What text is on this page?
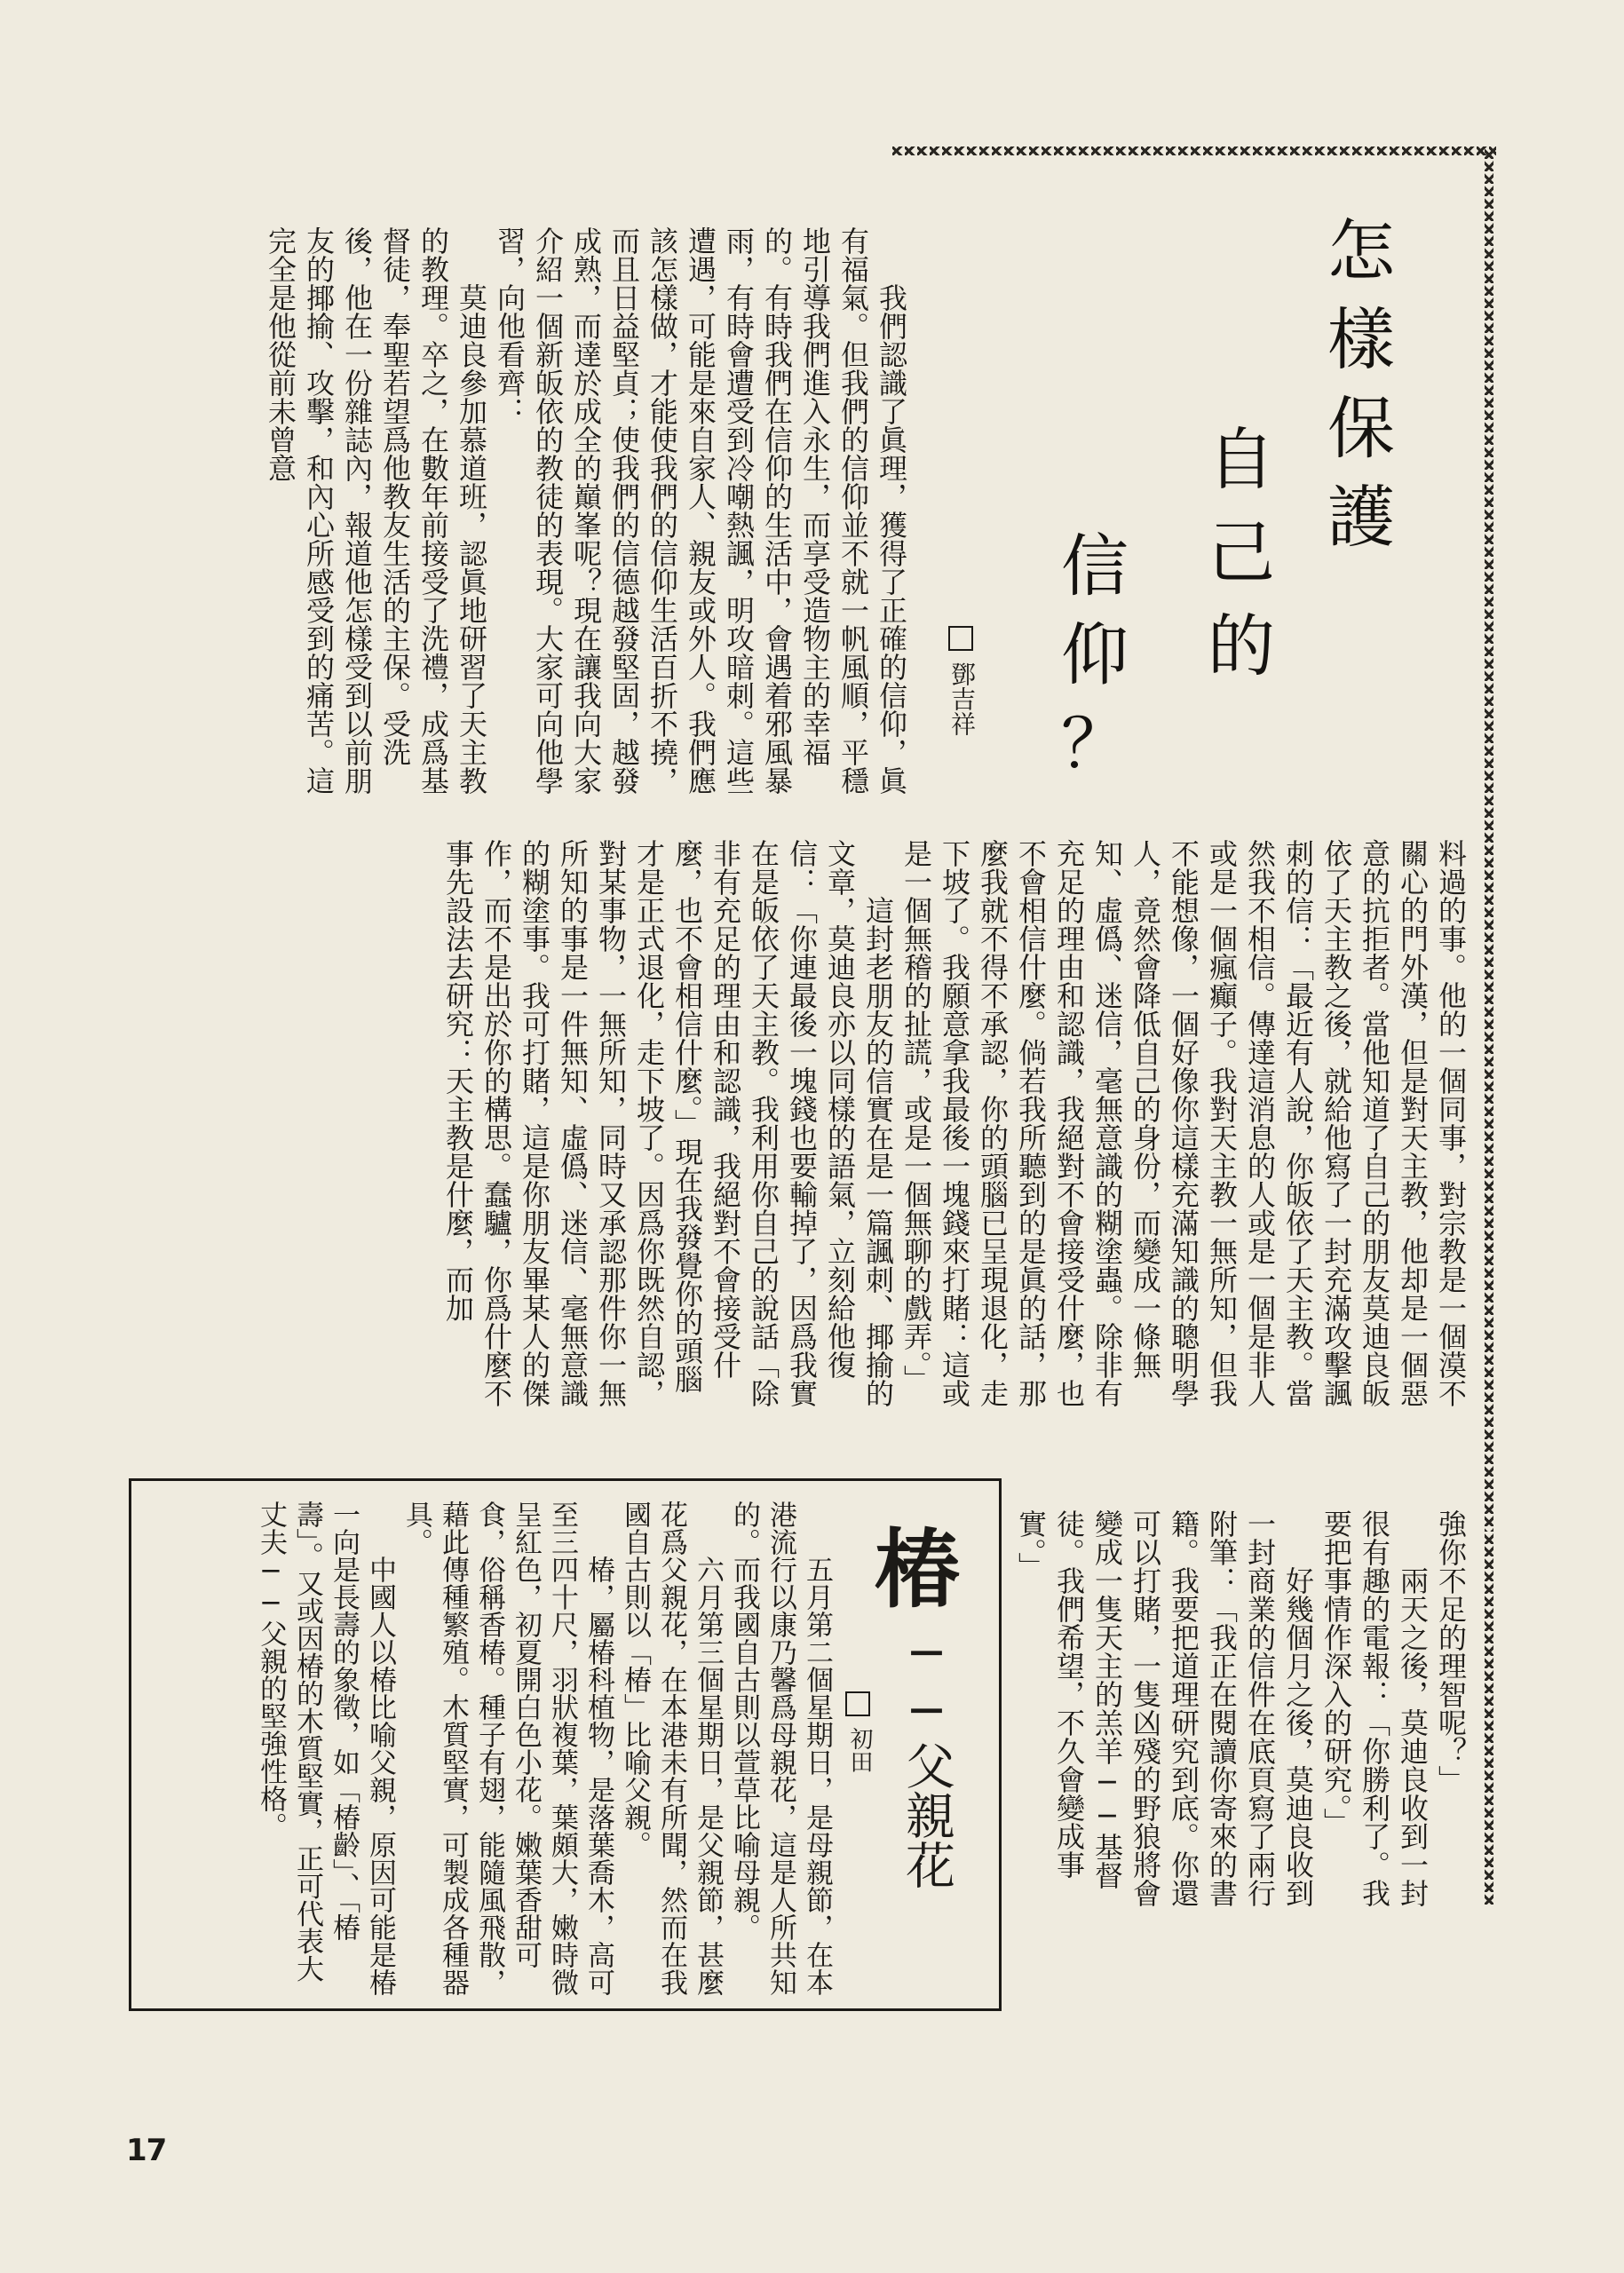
怎
樣
保
護
自
己
的
信
仰
？
鄧吉祥

我們認識了眞理，獲得了正確的信仰，眞有福氣。但我們的信仰並不就一帆風順，平穩地引導我們進入永生，而享受造物主的幸福的。有時我們在信仰的生活中，會遇着邪風暴雨，有時會遭受到冷嘲熱諷，明攻暗刺。這些遭遇，可能是來自家人、親友或外人。我們應該怎樣做，才能使我們的信仰生活百折不撓，而且日益堅貞；使我們的信德越發堅固，越發成熟，而達於成全的巔峯呢？現在讓我向大家介紹一個新皈依的教徒的表現。大家可向他學習，向他看齊：

莫迪良參加慕道班，認眞地研習了天主教的教理。卒之，在數年前接受了洗禮，成爲基督徒，奉聖若望爲他教友生活的主保。受洗後，他在一份雜誌內，報道他怎樣受到以前朋友的揶揄、攻擊，和內心所感受到的痛苦。這完全是他從前未曾意

料過的事。他的一個同事，對宗教是一個漠不關心的門外漢，但是對天主教，他却是一個惡意的抗拒者。當他知道了自己的朋友莫迪良皈依了天主教之後，就給他寫了一封充滿攻擊諷刺的信：「最近有人說，你皈依了天主教。當然我不相信。傳達這消息的人或是一個是非人或是一個瘋癲子。我對天主教一無所知，但我不能想像，一個好像你這樣充滿知識的聰明學人，竟然會降低自己的身份，而變成一條無知、虛僞、迷信，毫無意識的糊塗蟲。除非有充足的理由和認識，我絕對不會接受什麼，也不會相信什麼。倘若我所聽到的是眞的話，那麼我就不得不承認，你的頭腦已呈現退化，走下坡了。我願意拿我最後一塊錢來打賭：這或是一個無稽的扯謊，或是一個無聊的戲弄。」

這封老朋友的信實在是一篇諷刺、揶揄的文章，莫迪良亦以同樣的語氣，立刻給他復信：「你連最後一塊錢也要輸掉了，因爲我實在是皈依了天主教。我利用你自己的說話「除非有充足的理由和認識，我絕對不會接受什麼，也不會相信什麼。」現在我發覺你的頭腦才是正式退化，走下坡了。因爲你既然自認，對某事物，一無所知，同時又承認那件你一無所知的事是一件無知、虛僞、迷信、毫無意識的糊塗事。我可打賭，這是你朋友畢某人的傑作，而不是出於你的構思。蠢驢，你爲什麼不事先設法去研究：天主教是什麼，而加

強你不足的理智呢？」

兩天之後，莫迪良收到一封很有趣的電報：「你勝利了。我要把事情作深入的研究。」

好幾個月之後，莫迪良收到一封商業的信件在底頁寫了兩行附筆：「我正在閱讀你寄來的書籍。我要把道理研究到底。你還可以打賭，一隻凶殘的野狼將會變成一隻天主的羔羊──基督徒。我們希望，不久會變成事實。」

椿
──父親花
初田

五月第二個星期日，是母親節，在本港流行以康乃馨爲母親花，這是人所共知的。而我國自古則以萱草比喻母親。

六月第三個星期日，是父親節，甚麼花爲父親花，在本港未有所聞，然而在我國自古則以「椿」比喻父親。

椿，屬椿科植物，是落葉喬木，高可至三四十尺，羽狀複葉，葉頗大，嫩時微呈紅色，初夏開白色小花。嫩葉香甜可食，俗稱香椿。種子有翅，能隨風飛散，藉此傳種繁殖。木質堅實，可製成各種器具。

中國人以椿比喻父親，原因可能是椿一向是長壽的象徵，如「椿齡」、「椿壽」。又或因椿的木質堅實，正可代表大丈夫──父親的堅強性格。

17
